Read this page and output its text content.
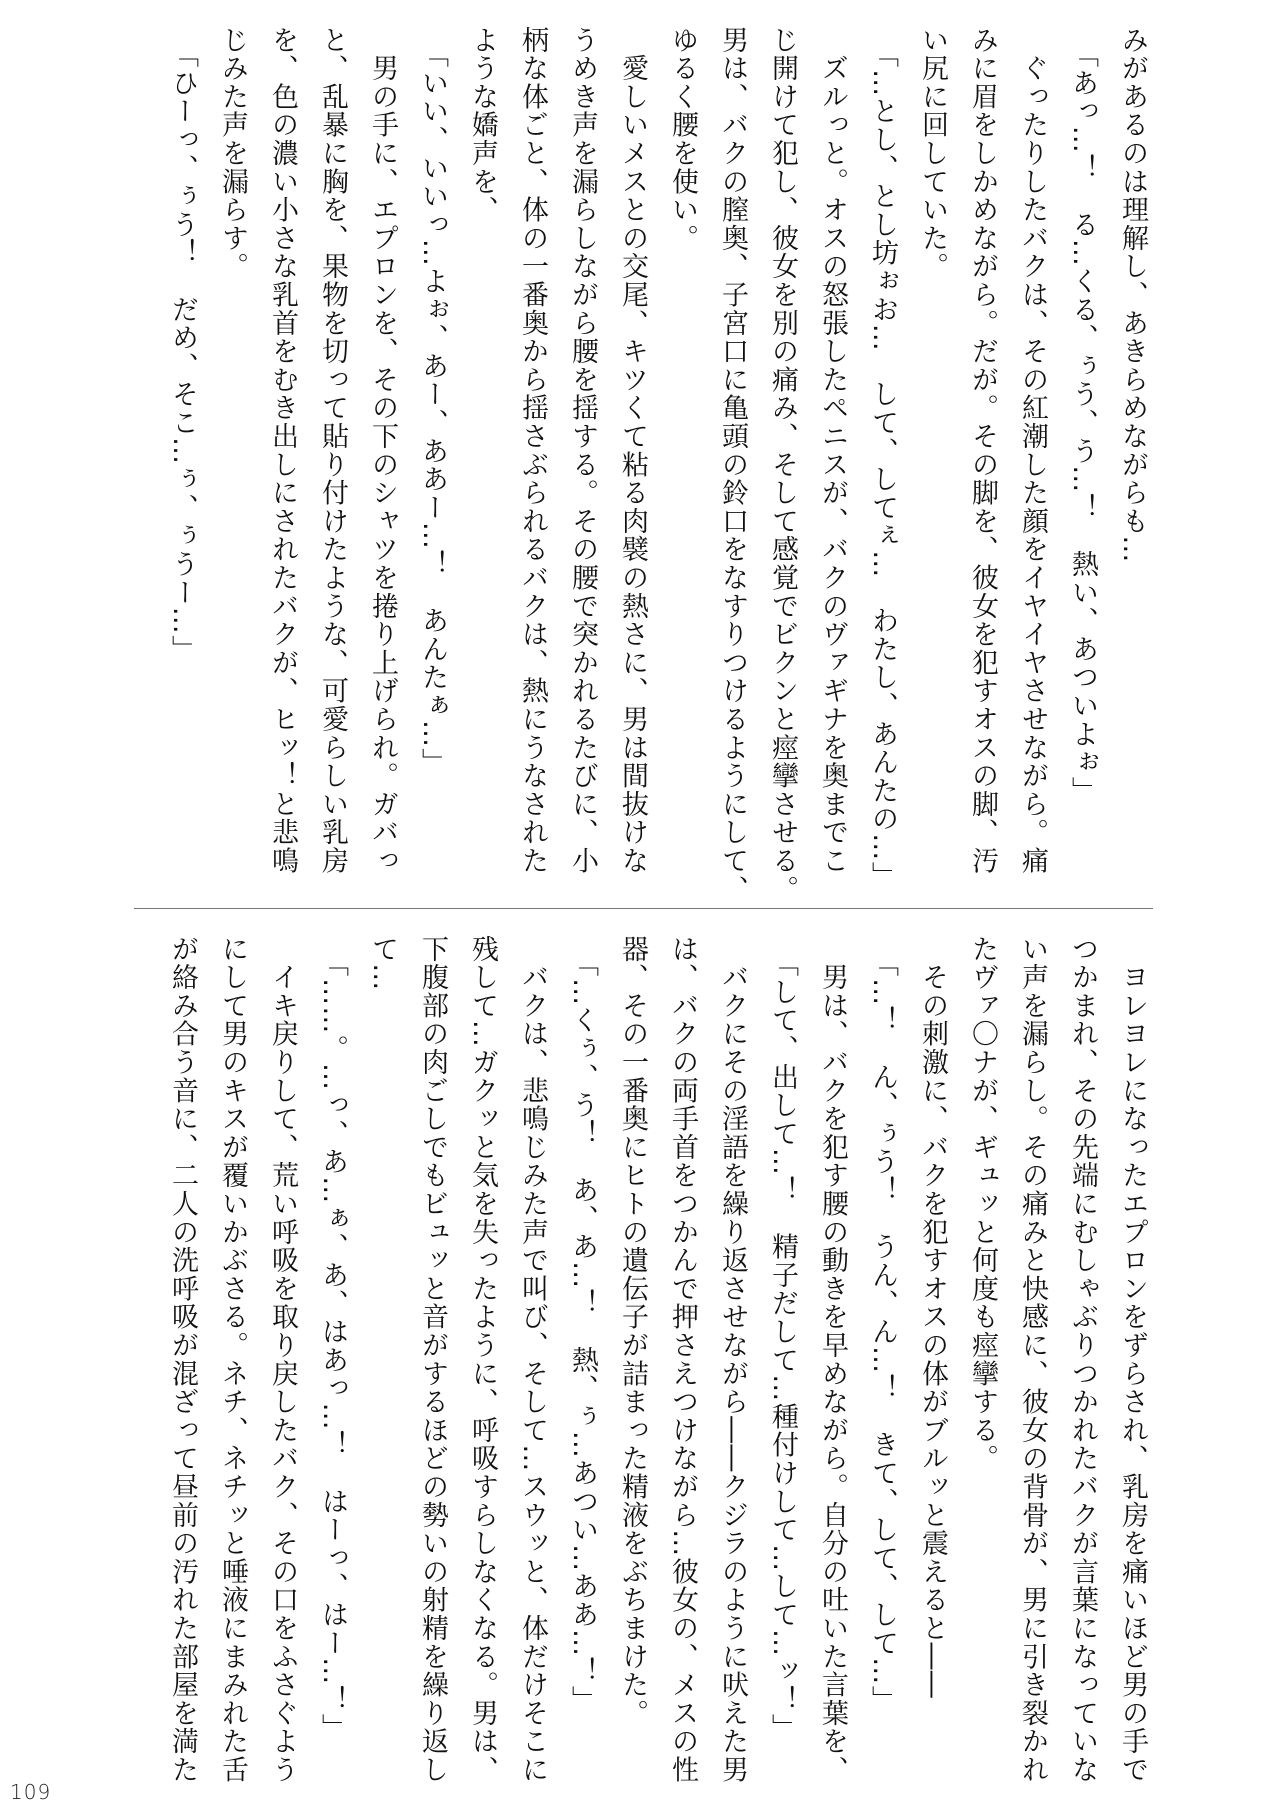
みがあるのは理解し、あきらめながらも…
　「あっ…！　る…くる、ぅう、う…！　熱い、あついよぉ」
　ぐったりしたバクは、その紅潮した顔をイヤイヤさせながら。痛
みに眉をしかめながら。だが。その脚を、彼女を犯すオスの脚、汚
い尻に回していた。
　「…とし、とし坊ぉお…　して、してぇ…　わたし、あんたの…」
　ズルっと。オスの怒張したペニスが、バクのヴァギナを奥までこ
じ開けて犯し、彼女を別の痛み、そして感覚でビクンと痙攣させる。
男は、バクの膣奥、子宮口に亀頭の鈴口をなすりつけるようにして、
ゆるく腰を使い。
　愛しいメスとの交尾、キツくて粘る肉襞の熱さに、男は間抜けな
うめき声を漏らしながら腰を揺する。その腰で突かれるたびに、小
柄な体ごと、体の一番奥から揺さぶられるバクは、熱にうなされた
ような嬌声を、
　「いい、いいっ…よぉ、あー、ああー…！　あんたぁ…」
　男の手に、エプロンを、その下のシャツを捲り上げられ。ガバっ
と、乱暴に胸を、果物を切って貼り付けたような、可愛らしい乳房
を、色の濃い小さな乳首をむき出しにされたバクが、ヒッ！と悲鳴
じみた声を漏らす。
　「ひーっ、ぅう！　だめ、そこ…ぅ、ぅうー…」
　ヨレヨレになったエプロンをずらされ、乳房を痛いほど男の手で
つかまれ、その先端にむしゃぶりつかれたバクが言葉になっていな
い声を漏らし。その痛みと快感に、彼女の背骨が、男に引き裂かれ
たヴァ〇ナが、ギュッと何度も痙攣する。
　その刺激に、バクを犯すオスの体がブルッと震えると――
　「…！　ん、ぅう！　うん、ん…！　きて、して、して…」
　男は、バクを犯す腰の動きを早めながら。自分の吐いた言葉を、
　「して、出して…！　精子だして…種付けして…して…ッ！」
　バクにその淫語を繰り返させながら――クジラのように吠えた男
は、バクの両手首をつかんで押さえつけながら…彼女の、メスの性
器、その一番奥にヒトの遺伝子が詰まった精液をぶちまけた。
　「…くぅ、う！　あ、あ…！　熱、ぅ…あつい…ああ…！」
　バクは、悲鳴じみた声で叫び、そして…スウッと、体だけそこに
残して…ガクッと気を失ったように、呼吸すらしなくなる。男は、
下腹部の肉ごしでもビュッと音がするほどの勢いの射精を繰り返し
て…
　「……。…っ、あ…ぁ、あ、はあっ…！　はーっ、はー…！」
　イキ戻りして、荒い呼吸を取り戻したバク、その口をふさぐよう
にして男のキスが覆いかぶさる。ネチ、ネチッと唾液にまみれた舌
が絡み合う音に、二人の洗呼吸が混ざって昼前の汚れた部屋を満た
109
